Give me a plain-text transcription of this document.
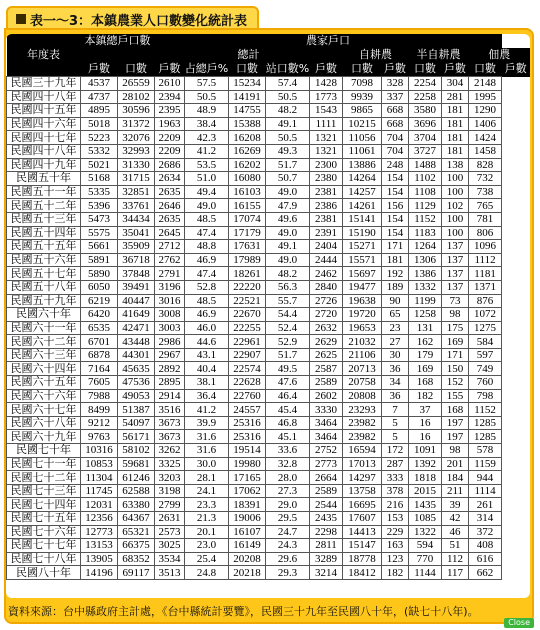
表一～3：本鎮農業人口數變化統計表
年度表	本鎮總戶口數		農家戶口										
			總計					自耕農		半自耕農		佃農	
	戶數	口數	戶數	占總戶%	口數	站口數%	戶數	口數	戶數	口數	戶數	口數	戶數
民國三十九年	4537	26559	2610	57.5	15234	57.4	1428	7098	328	2254	304	2148	
民國四十八年	4737	28102	2394	50.5	14191	50.5	1773	9939	337	2258	281	1995	
民國四十五年	4895	30596	2395	48.9	14755	48.2	1543	9865	668	3580	181	1290	
民國四十六年	5018	31372	1963	38.4	15388	49.1	1111	10215	668	3696	181	1406	
民國四十七年	5223	32076	2209	42.3	16208	50.5	1321	11056	704	3704	181	1424	
民國四十八年	5332	32993	2209	41.2	16269	49.3	1321	11061	704	3727	181	1458	
民國四十九年	5021	31330	2686	53.5	16202	51.7	2300	13886	248	1488	138	828	
民國五十年	5168	31715	2634	51.0	16080	50.7	2380	14264	154	1102	100	732	
民國五十一年	5335	32851	2635	49.4	16103	49.0	2381	14257	154	1108	100	738	
民國五十二年	5396	33761	2646	49.0	16155	47.9	2386	14261	156	1129	102	765	
民國五十三年	5473	34434	2635	48.5	17074	49.6	2381	15141	154	1152	100	781	
民國五十四年	5575	35041	2645	47.4	17179	49.0	2391	15190	154	1183	100	806	
民國五十五年	5661	35909	2712	48.8	17631	49.1	2404	15271	171	1264	137	1096	
民國五十六年	5891	36718	2762	46.9	17989	49.0	2444	15571	181	1306	137	1112	
民國五十七年	5890	37848	2791	47.4	18261	48.2	2462	15697	192	1386	137	1181	
民國五十八年	6050	39491	3196	52.8	22220	56.3	2840	19477	189	1332	137	1371	
民國五十九年	6219	40447	3016	48.5	22521	55.7	2726	19638	90	1199	73	876	
民國六十年	6420	41649	3008	46.9	22670	54.4	2720	19720	65	1258	98	1072	
民國六十一年	6535	42471	3003	46.0	22255	52.4	2632	19653	23	131	175	1275	
民國六十二年	6701	43448	2986	44.6	22961	52.9	2629	21032	27	162	169	584	
民國六十三年	6878	44301	2967	43.1	22907	51.7	2625	21106	30	179	171	597	
民國六十四年	7164	45635	2892	40.4	22574	49.5	2587	20713	36	169	150	749	
民國六十五年	7605	47536	2895	38.1	22628	47.6	2589	20758	34	168	152	760	
民國六十六年	7988	49053	2914	36.4	22760	46.4	2602	20808	36	182	155	798	
民國六十七年	8499	51387	3516	41.2	24557	45.4	3330	23293	7	37	168	1152	
民國六十八年	9212	54097	3673	39.9	25316	46.8	3464	23982	5	16	197	1285	
民國六十九年	9763	56171	3673	31.6	25316	45.1	3464	23982	5	16	197	1285	
民國七十年	10316	58102	3262	31.6	19514	33.6	2752	16594	172	1091	98	578	
民國七十一年	10853	59681	3325	30.0	19980	32.8	2773	17013	287	1392	201	1159	
民國七十二年	11304	61246	3203	28.1	17165	28.0	2664	14297	333	1818	184	944	
民國七十三年	11745	62588	3198	24.1	17062	27.3	2589	13758	378	2015	211	1114	
民國七十四年	12031	63380	2799	23.3	18391	29.0	2544	16695	216	1435	39	261	
民國七十五年	12356	64367	2631	21.3	19006	29.5	2435	17607	153	1085	42	314	
民國七十六年	12773	65321	2573	20.1	16107	24.7	2298	14413	229	1322	46	372	
民國七十七年	13153	66375	3025	23.0	16149	24.3	2811	15147	163	594	51	408	
民國七十八年	13905	68352	3534	25.4	20208	29.6	3289	18778	123	770	112	616	
民國八十年	14196	69117	3513	24.8	20218	29.3	3214	18412	182	1144	117	662	
資料來源：台中縣政府主計處，《台中縣統計要覽》，民國三十九年至民國八十年，(缺七十八年)。
Close
